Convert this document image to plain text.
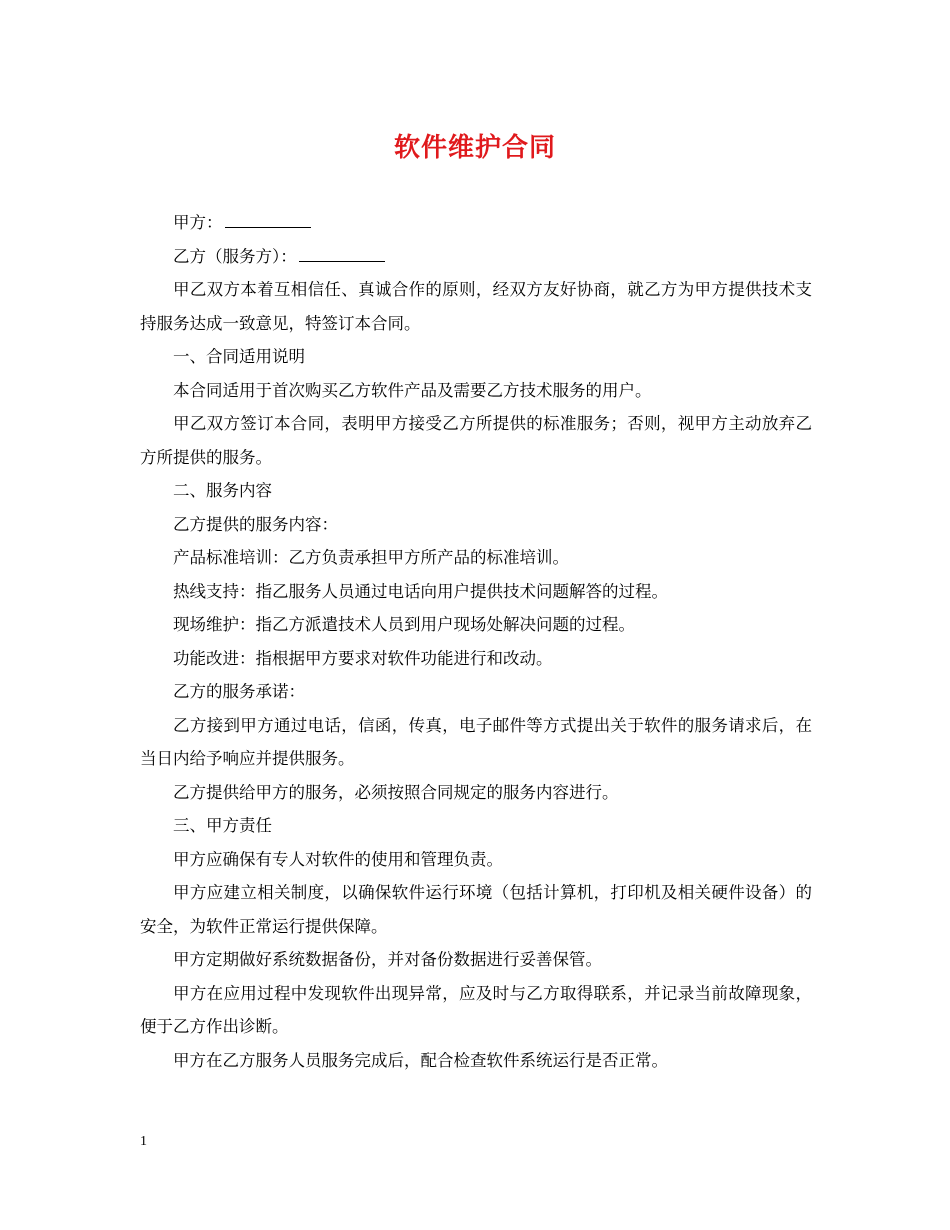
软件维护合同

甲方：

乙方（服务方）：

甲乙双方本着互相信任、真诚合作的原则，经双方友好协商，就乙方为甲方提供技术支持服务达成一致意见，特签订本合同。

一、合同适用说明

本合同适用于首次购买乙方软件产品及需要乙方技术服务的用户。

甲乙双方签订本合同，表明甲方接受乙方所提供的标准服务；否则，视甲方主动放弃乙方所提供的服务。

二、服务内容

乙方提供的服务内容：

产品标准培训：乙方负责承担甲方所产品的标准培训。

热线支持：指乙服务人员通过电话向用户提供技术问题解答的过程。

现场维护：指乙方派遣技术人员到用户现场处解决问题的过程。

功能改进：指根据甲方要求对软件功能进行和改动。

乙方的服务承诺：

乙方接到甲方通过电话，信函，传真，电子邮件等方式提出关于软件的服务请求后，在当日内给予响应并提供服务。

乙方提供给甲方的服务，必须按照合同规定的服务内容进行。

三、甲方责任

甲方应确保有专人对软件的使用和管理负责。

甲方应建立相关制度，以确保软件运行环境（包括计算机，打印机及相关硬件设备）的安全，为软件正常运行提供保障。

甲方定期做好系统数据备份，并对备份数据进行妥善保管。

甲方在应用过程中发现软件出现异常，应及时与乙方取得联系，并记录当前故障现象，便于乙方作出诊断。

甲方在乙方服务人员服务完成后，配合检查软件系统运行是否正常。

1
